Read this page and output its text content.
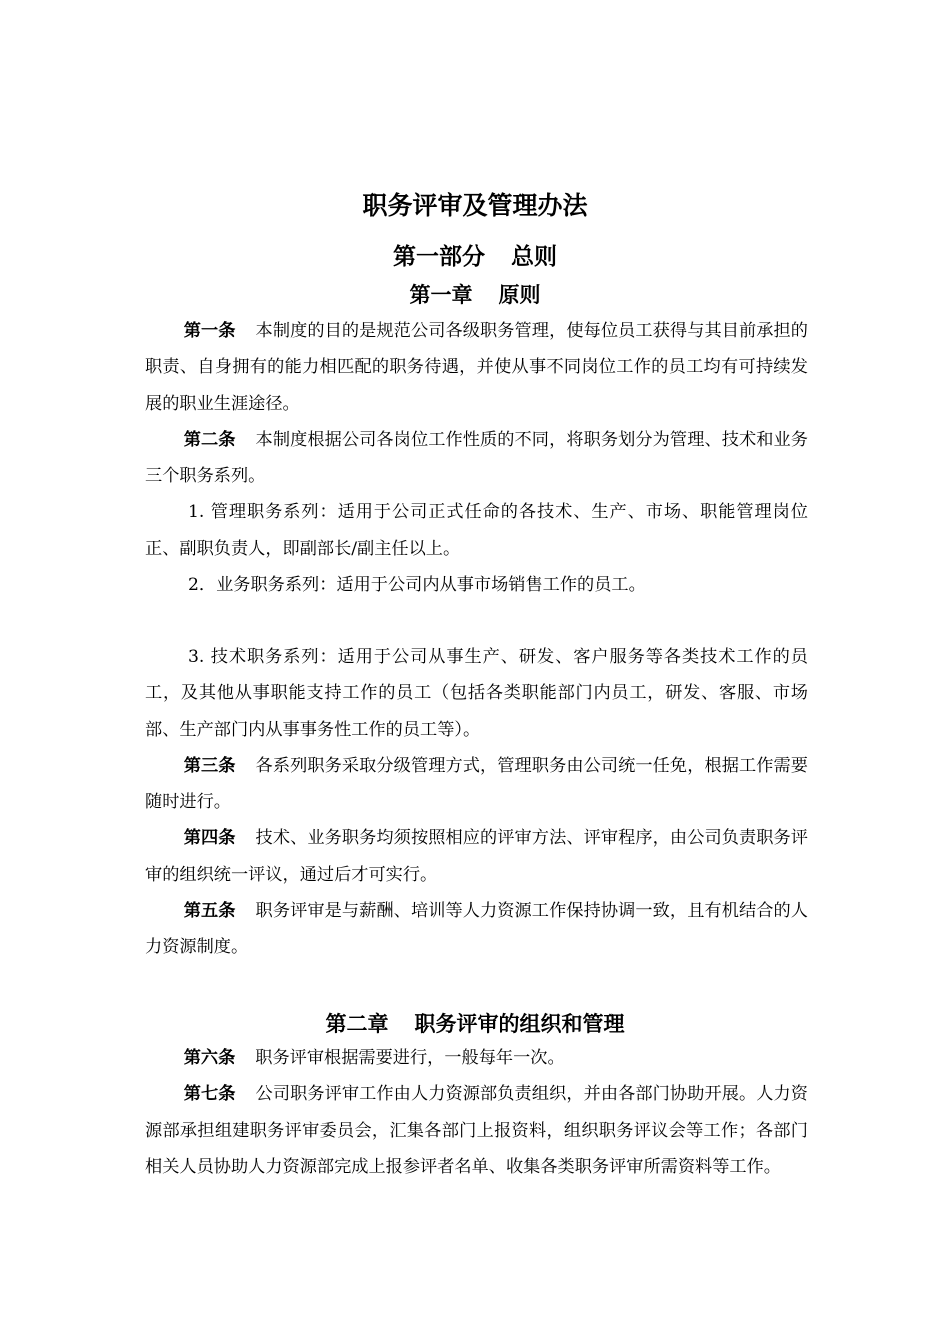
职务评审及管理办法
第一部分 总则
第一章 原则

第一条 本制度的目的是规范公司各级职务管理，使每位员工获得与其目前承担的职责、自身拥有的能力相匹配的职务待遇，并使从事不同岗位工作的员工均有可持续发展的职业生涯途径。

第二条 本制度根据公司各岗位工作性质的不同，将职务划分为管理、技术和业务三个职务系列。

1. 管理职务系列：适用于公司正式任命的各技术、生产、市场、职能管理岗位正、副职负责人，即副部长/副主任以上。

2．业务职务系列：适用于公司内从事市场销售工作的员工。

3. 技术职务系列：适用于公司从事生产、研发、客户服务等各类技术工作的员工，及其他从事职能支持工作的员工（包括各类职能部门内员工，研发、客服、市场部、生产部门内从事事务性工作的员工等）。

第三条 各系列职务采取分级管理方式，管理职务由公司统一任免，根据工作需要随时进行。

第四条 技术、业务职务均须按照相应的评审方法、评审程序，由公司负责职务评审的组织统一评议，通过后才可实行。

第五条 职务评审是与薪酬、培训等人力资源工作保持协调一致，且有机结合的人力资源制度。

第二章 职务评审的组织和管理

第六条 职务评审根据需要进行，一般每年一次。

第七条 公司职务评审工作由人力资源部负责组织，并由各部门协助开展。人力资源部承担组建职务评审委员会，汇集各部门上报资料，组织职务评议会等工作；各部门相关人员协助人力资源部完成上报参评者名单、收集各类职务评审所需资料等工作。
